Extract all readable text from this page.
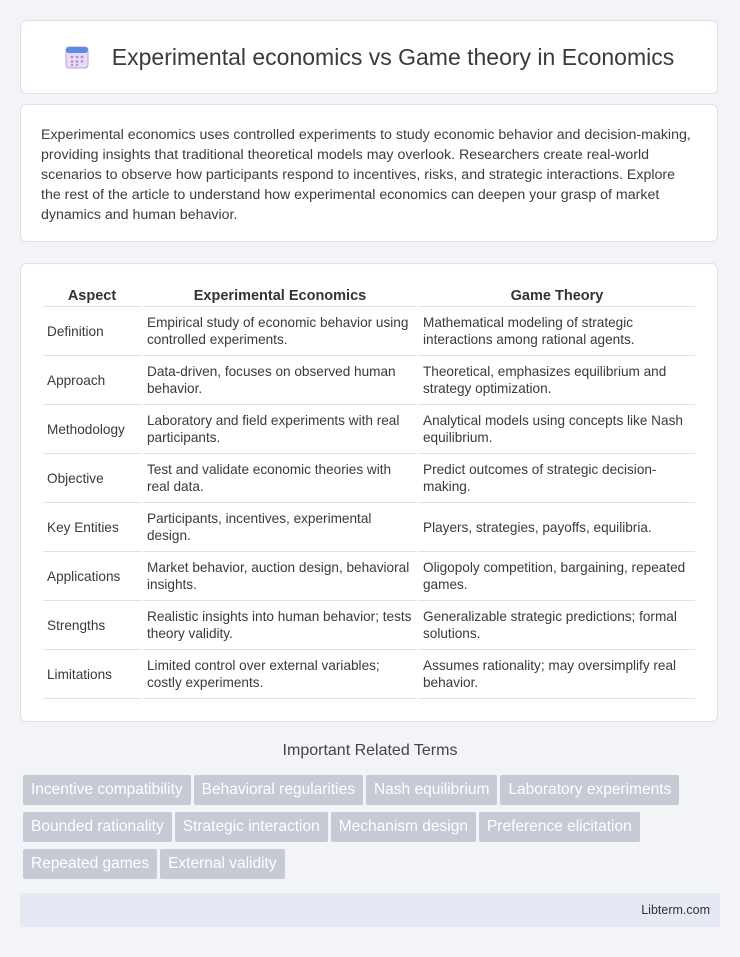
Experimental economics vs Game theory in Economics

Experimental economics uses controlled experiments to study economic behavior and decision-making, providing insights that traditional theoretical models may overlook. Researchers create real-world scenarios to observe how participants respond to incentives, risks, and strategic interactions. Explore the rest of the article to understand how experimental economics can deepen your grasp of market dynamics and human behavior.

Aspect	Experimental Economics	Game Theory
Definition	Empirical study of economic behavior using controlled experiments.	Mathematical modeling of strategic interactions among rational agents.
Approach	Data-driven, focuses on observed human behavior.	Theoretical, emphasizes equilibrium and strategy optimization.
Methodology	Laboratory and field experiments with real participants.	Analytical models using concepts like Nash equilibrium.
Objective	Test and validate economic theories with real data.	Predict outcomes of strategic decision-making.
Key Entities	Participants, incentives, experimental design.	Players, strategies, payoffs, equilibria.
Applications	Market behavior, auction design, behavioral insights.	Oligopoly competition, bargaining, repeated games.
Strengths	Realistic insights into human behavior; tests theory validity.	Generalizable strategic predictions; formal solutions.
Limitations	Limited control over external variables; costly experiments.	Assumes rationality; may oversimplify real behavior.
Important Related Terms
Incentive compatibility Behavioral regularities Nash equilibrium Laboratory experimentsBounded rationality Strategic interaction Mechanism design Preference elicitationRepeated games External validity
Libterm.com
